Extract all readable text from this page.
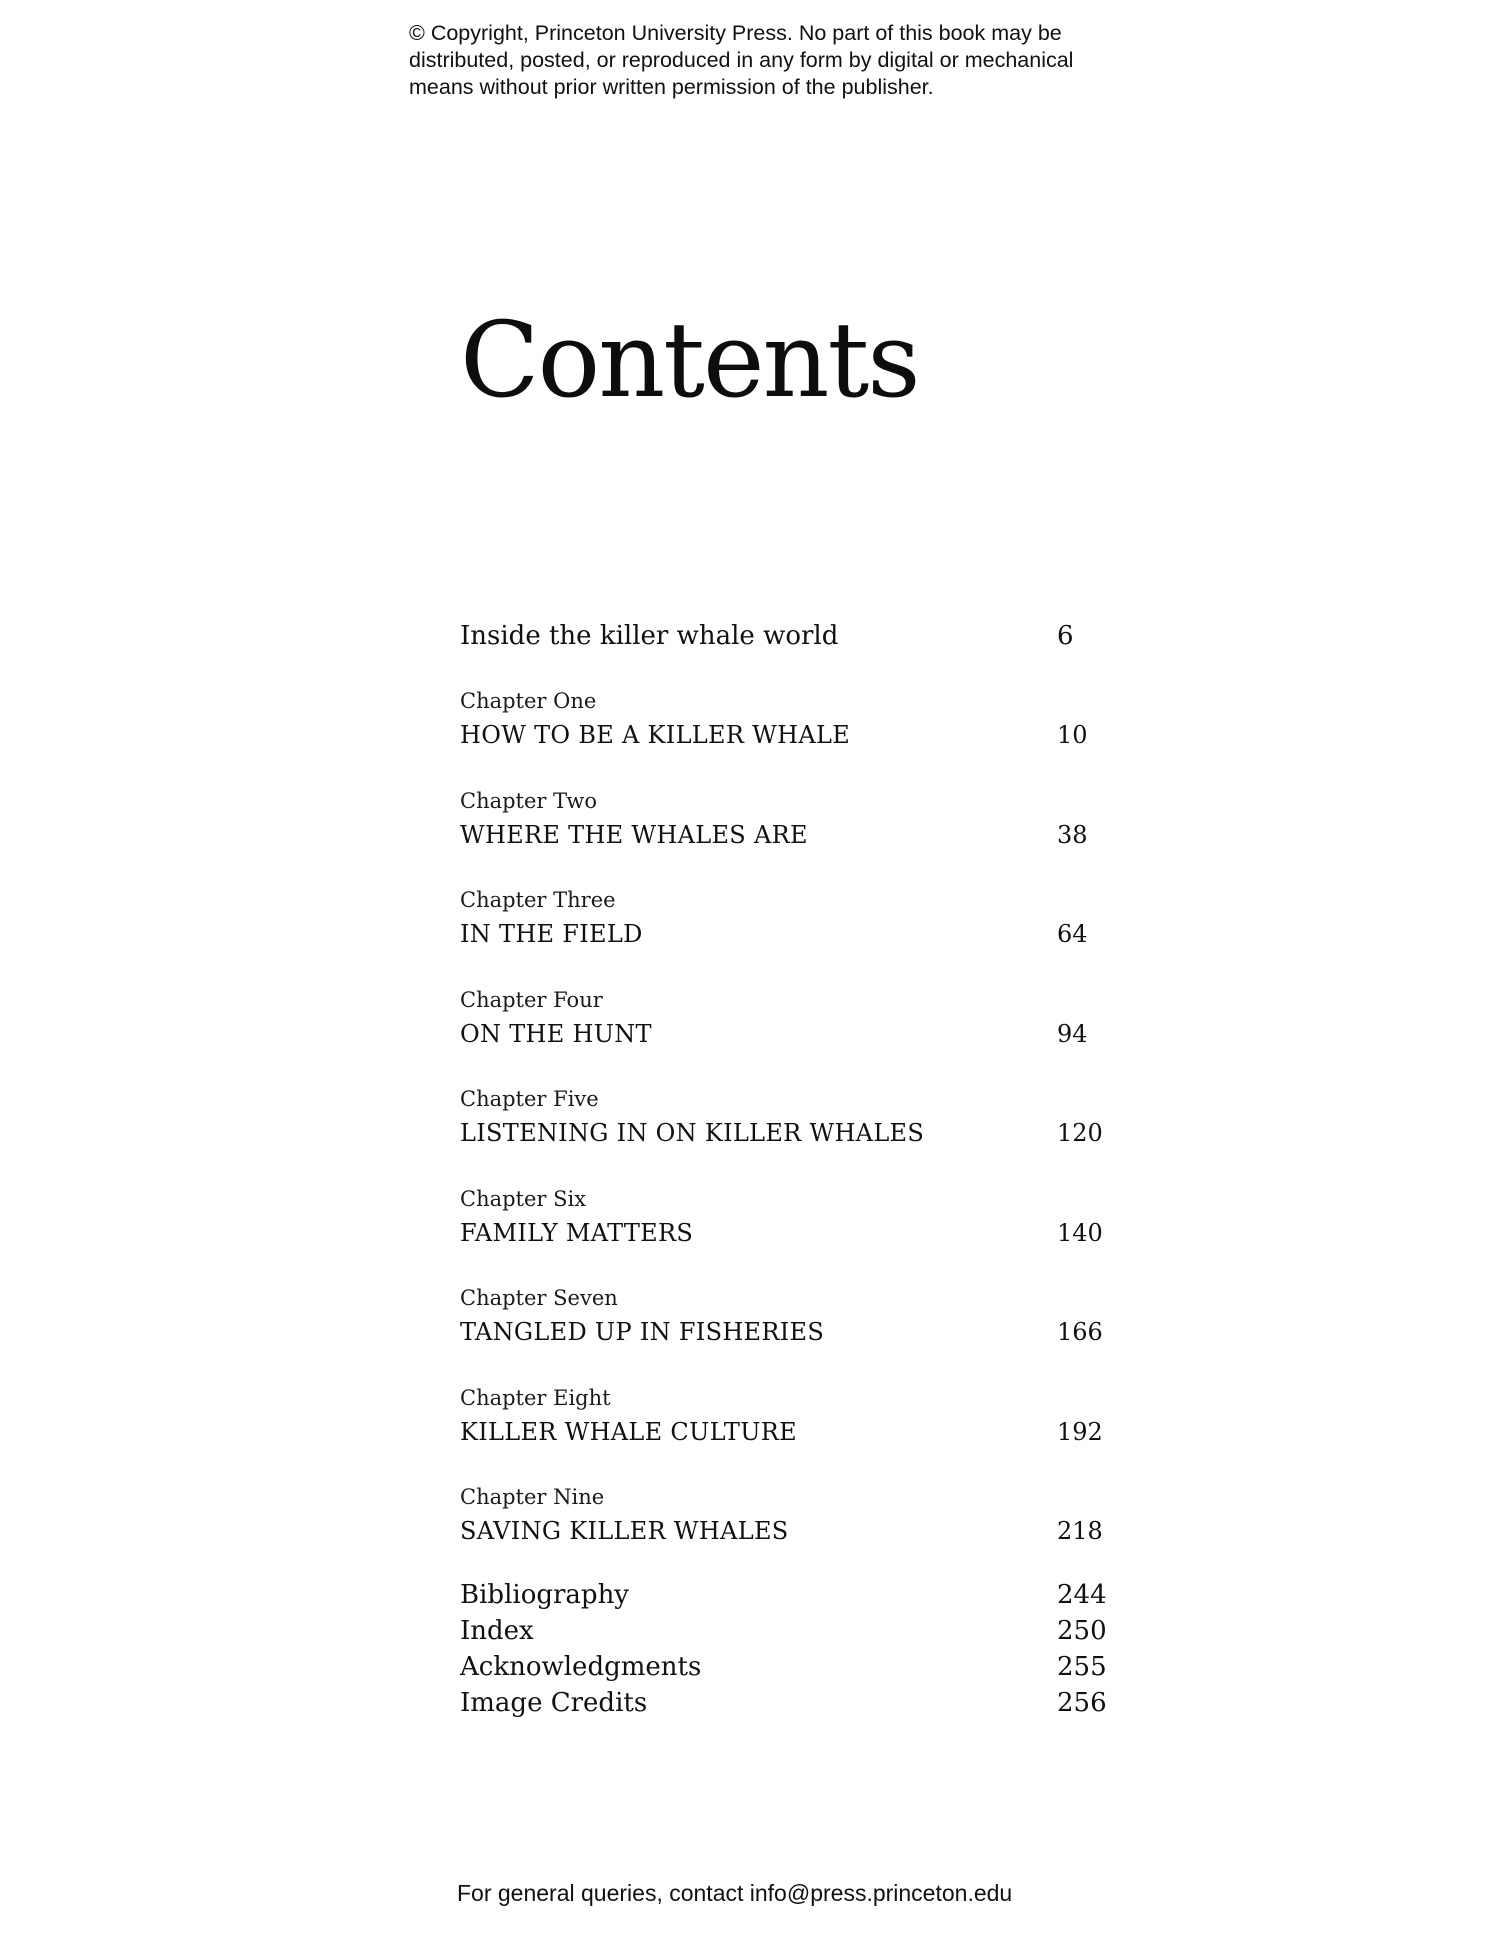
© Copyright, Princeton University Press. No part of this book may be
distributed, posted, or reproduced in any form by digital or mechanical
means without prior written permission of the publisher.
Contents
Inside the killer whale world	6
Chapter One
HOW TO BE A KILLER WHALE	10
Chapter Two
WHERE THE WHALES ARE	38
Chapter Three
IN THE FIELD	64
Chapter Four
ON THE HUNT	94
Chapter Five
LISTENING IN ON KILLER WHALES	120
Chapter Six
FAMILY MATTERS	140
Chapter Seven
TANGLED UP IN FISHERIES	166
Chapter Eight
KILLER WHALE CULTURE	192
Chapter Nine
SAVING KILLER WHALES	218
Bibliography	244
Index	250
Acknowledgments	255
Image Credits	256
For general queries, contact info@press.princeton.edu
